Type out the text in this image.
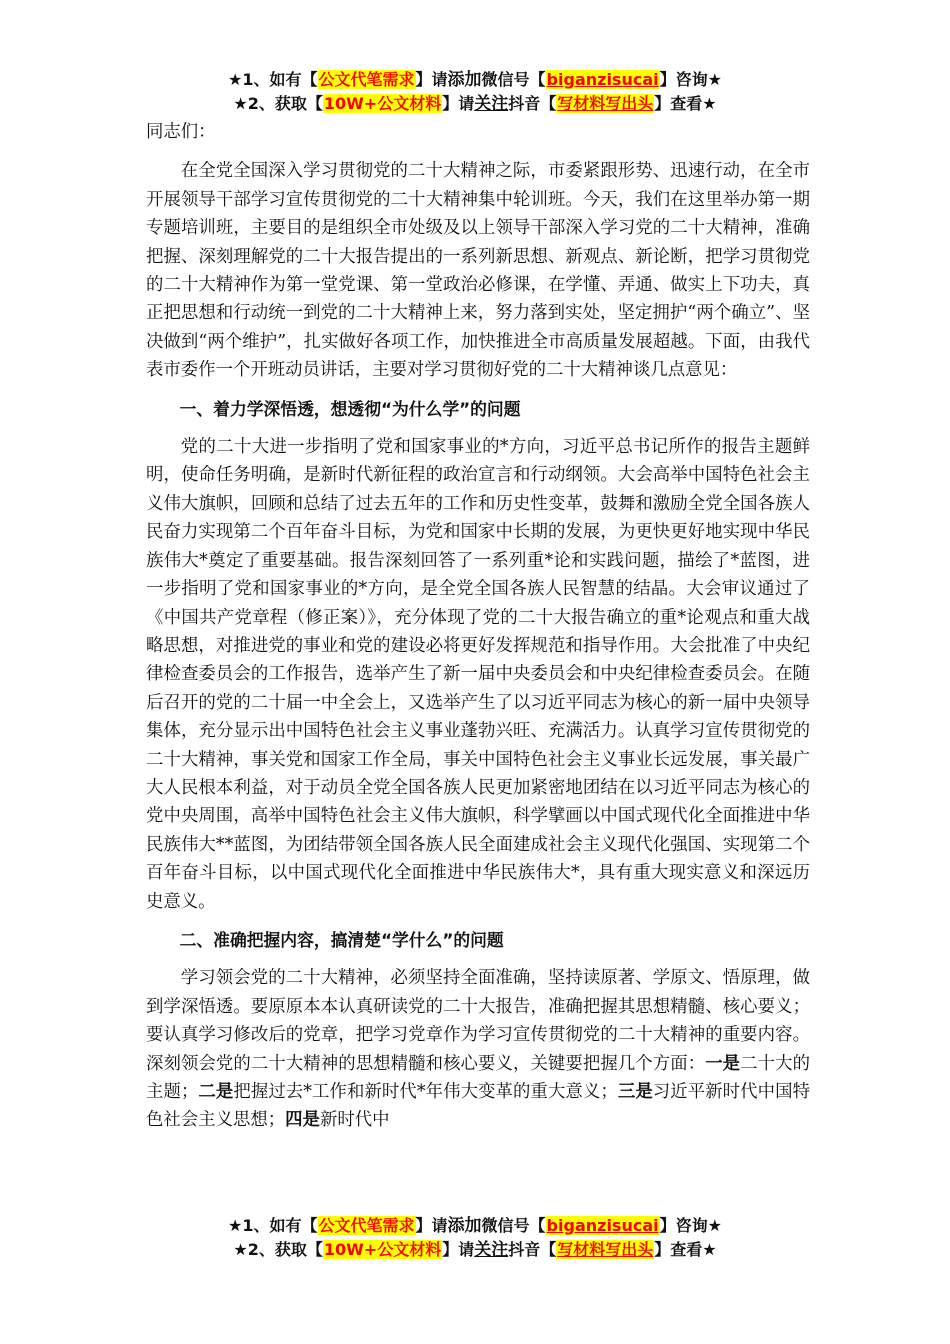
★1、如有【公文代笔需求】请添加微信号【biganzisucai】咨询★
★2、获取【10W+公文材料】请关注抖音【写材料写出头】查看★

同志们：

在全党全国深入学习贯彻党的二十大精神之际，市委紧跟形势、迅速行动，在全市开展领导干部学习宣传贯彻党的二十大精神集中轮训班。今天，我们在这里举办第一期专题培训班，主要目的是组织全市处级及以上领导干部深入学习党的二十大精神，准确把握、深刻理解党的二十大报告提出的一系列新思想、新观点、新论断，把学习贯彻党的二十大精神作为第一堂党课、第一堂政治必修课，在学懂、弄通、做实上下功夫，真正把思想和行动统一到党的二十大精神上来，努力落到实处，坚定拥护“两个确立”、坚决做到“两个维护”，扎实做好各项工作，加快推进全市高质量发展超越。下面，由我代表市委作一个开班动员讲话，主要对学习贯彻好党的二十大精神谈几点意见：

一、着力学深悟透，想透彻“为什么学”的问题

党的二十大进一步指明了党和国家事业的*方向，习近平总书记所作的报告主题鲜明，使命任务明确，是新时代新征程的政治宣言和行动纲领。大会高举中国特色社会主义伟大旗帜，回顾和总结了过去五年的工作和历史性变革，鼓舞和激励全党全国各族人民奋力实现第二个百年奋斗目标，为党和国家中长期的发展，为更快更好地实现中华民族伟大*奠定了重要基础。报告深刻回答了一系列重*论和实践问题，描绘了*蓝图，进一步指明了党和国家事业的*方向，是全党全国各族人民智慧的结晶。大会审议通过了《中国共产党章程（修正案）》，充分体现了党的二十大报告确立的重*论观点和重大战略思想，对推进党的事业和党的建设必将更好发挥规范和指导作用。大会批准了中央纪律检查委员会的工作报告，选举产生了新一届中央委员会和中央纪律检查委员会。在随后召开的党的二十届一中全会上，又选举产生了以习近平同志为核心的新一届中央领导集体，充分显示出中国特色社会主义事业蓬勃兴旺、充满活力。认真学习宣传贯彻党的二十大精神，事关党和国家工作全局，事关中国特色社会主义事业长远发展，事关最广大人民根本利益，对于动员全党全国各族人民更加紧密地团结在以习近平同志为核心的党中央周围，高举中国特色社会主义伟大旗帜，科学擘画以中国式现代化全面推进中华民族伟大**蓝图，为团结带领全国各族人民全面建成社会主义现代化强国、实现第二个百年奋斗目标，以中国式现代化全面推进中华民族伟大*，具有重大现实意义和深远历史意义。

二、准确把握内容，搞清楚“学什么”的问题

学习领会党的二十大精神，必须坚持全面准确，坚持读原著、学原文、悟原理，做到学深悟透。要原原本本认真研读党的二十大报告，准确把握其思想精髓、核心要义；要认真学习修改后的党章，把学习党章作为学习宣传贯彻党的二十大精神的重要内容。深刻领会党的二十大精神的思想精髓和核心要义，关键要把握几个方面：一是二十大的主题；二是把握过去*工作和新时代*年伟大变革的重大意义；三是习近平新时代中国特色社会主义思想；四是新时代中

★1、如有【公文代笔需求】请添加微信号【biganzisucai】咨询★
★2、获取【10W+公文材料】请关注抖音【写材料写出头】查看★
